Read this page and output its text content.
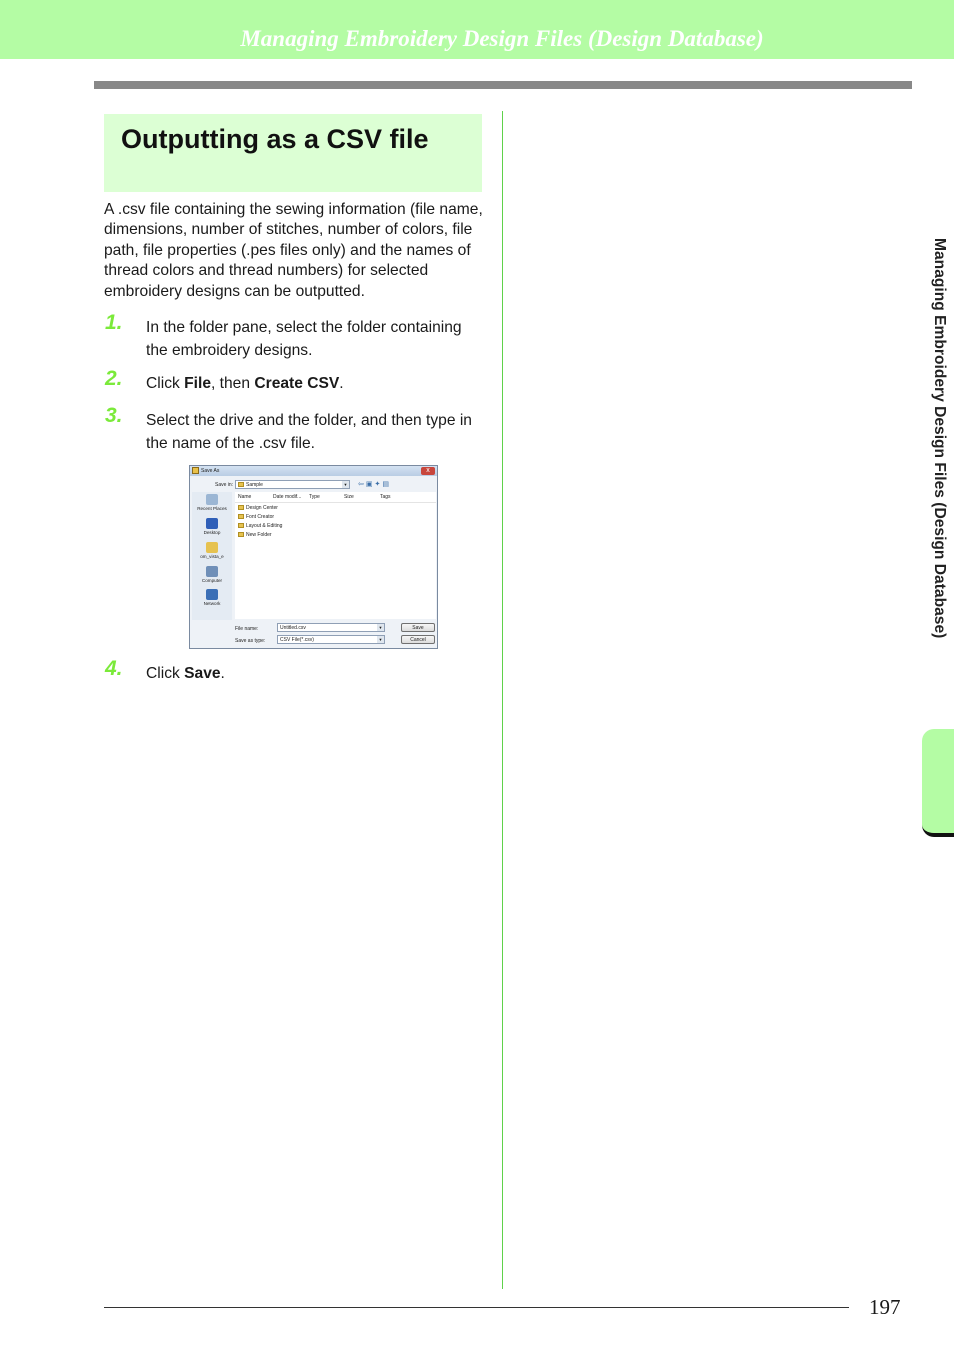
Managing Embroidery Design Files (Design Database)
Outputting as a CSV file
A .csv file containing the sewing information (file name, dimensions, number of stitches, number of colors, file path, file properties (.pes files only) and the names of thread colors and thread numbers) for selected embroidery designs can be outputted.
1. In the folder pane, select the folder containing the embroidery designs.
2. Click File, then Create CSV.
3. Select the drive and the folder, and then type in the name of the .csv file.
Save As	x
Save in:	Sample	▼ ⇦▣✦▤
Recent Places
Desktop
om_vista_e
Computer
Network
Name	Date modif... Type	Size	Tags
Design Center
Font Creator
Layout & Editing
New Folder
File name:	Untitled.csv	▼
Save as type:	CSV File(*.csv)	▼
Save
Cancel
4. Click Save.
Managing Embroidery Design Files (Design Database)
197
